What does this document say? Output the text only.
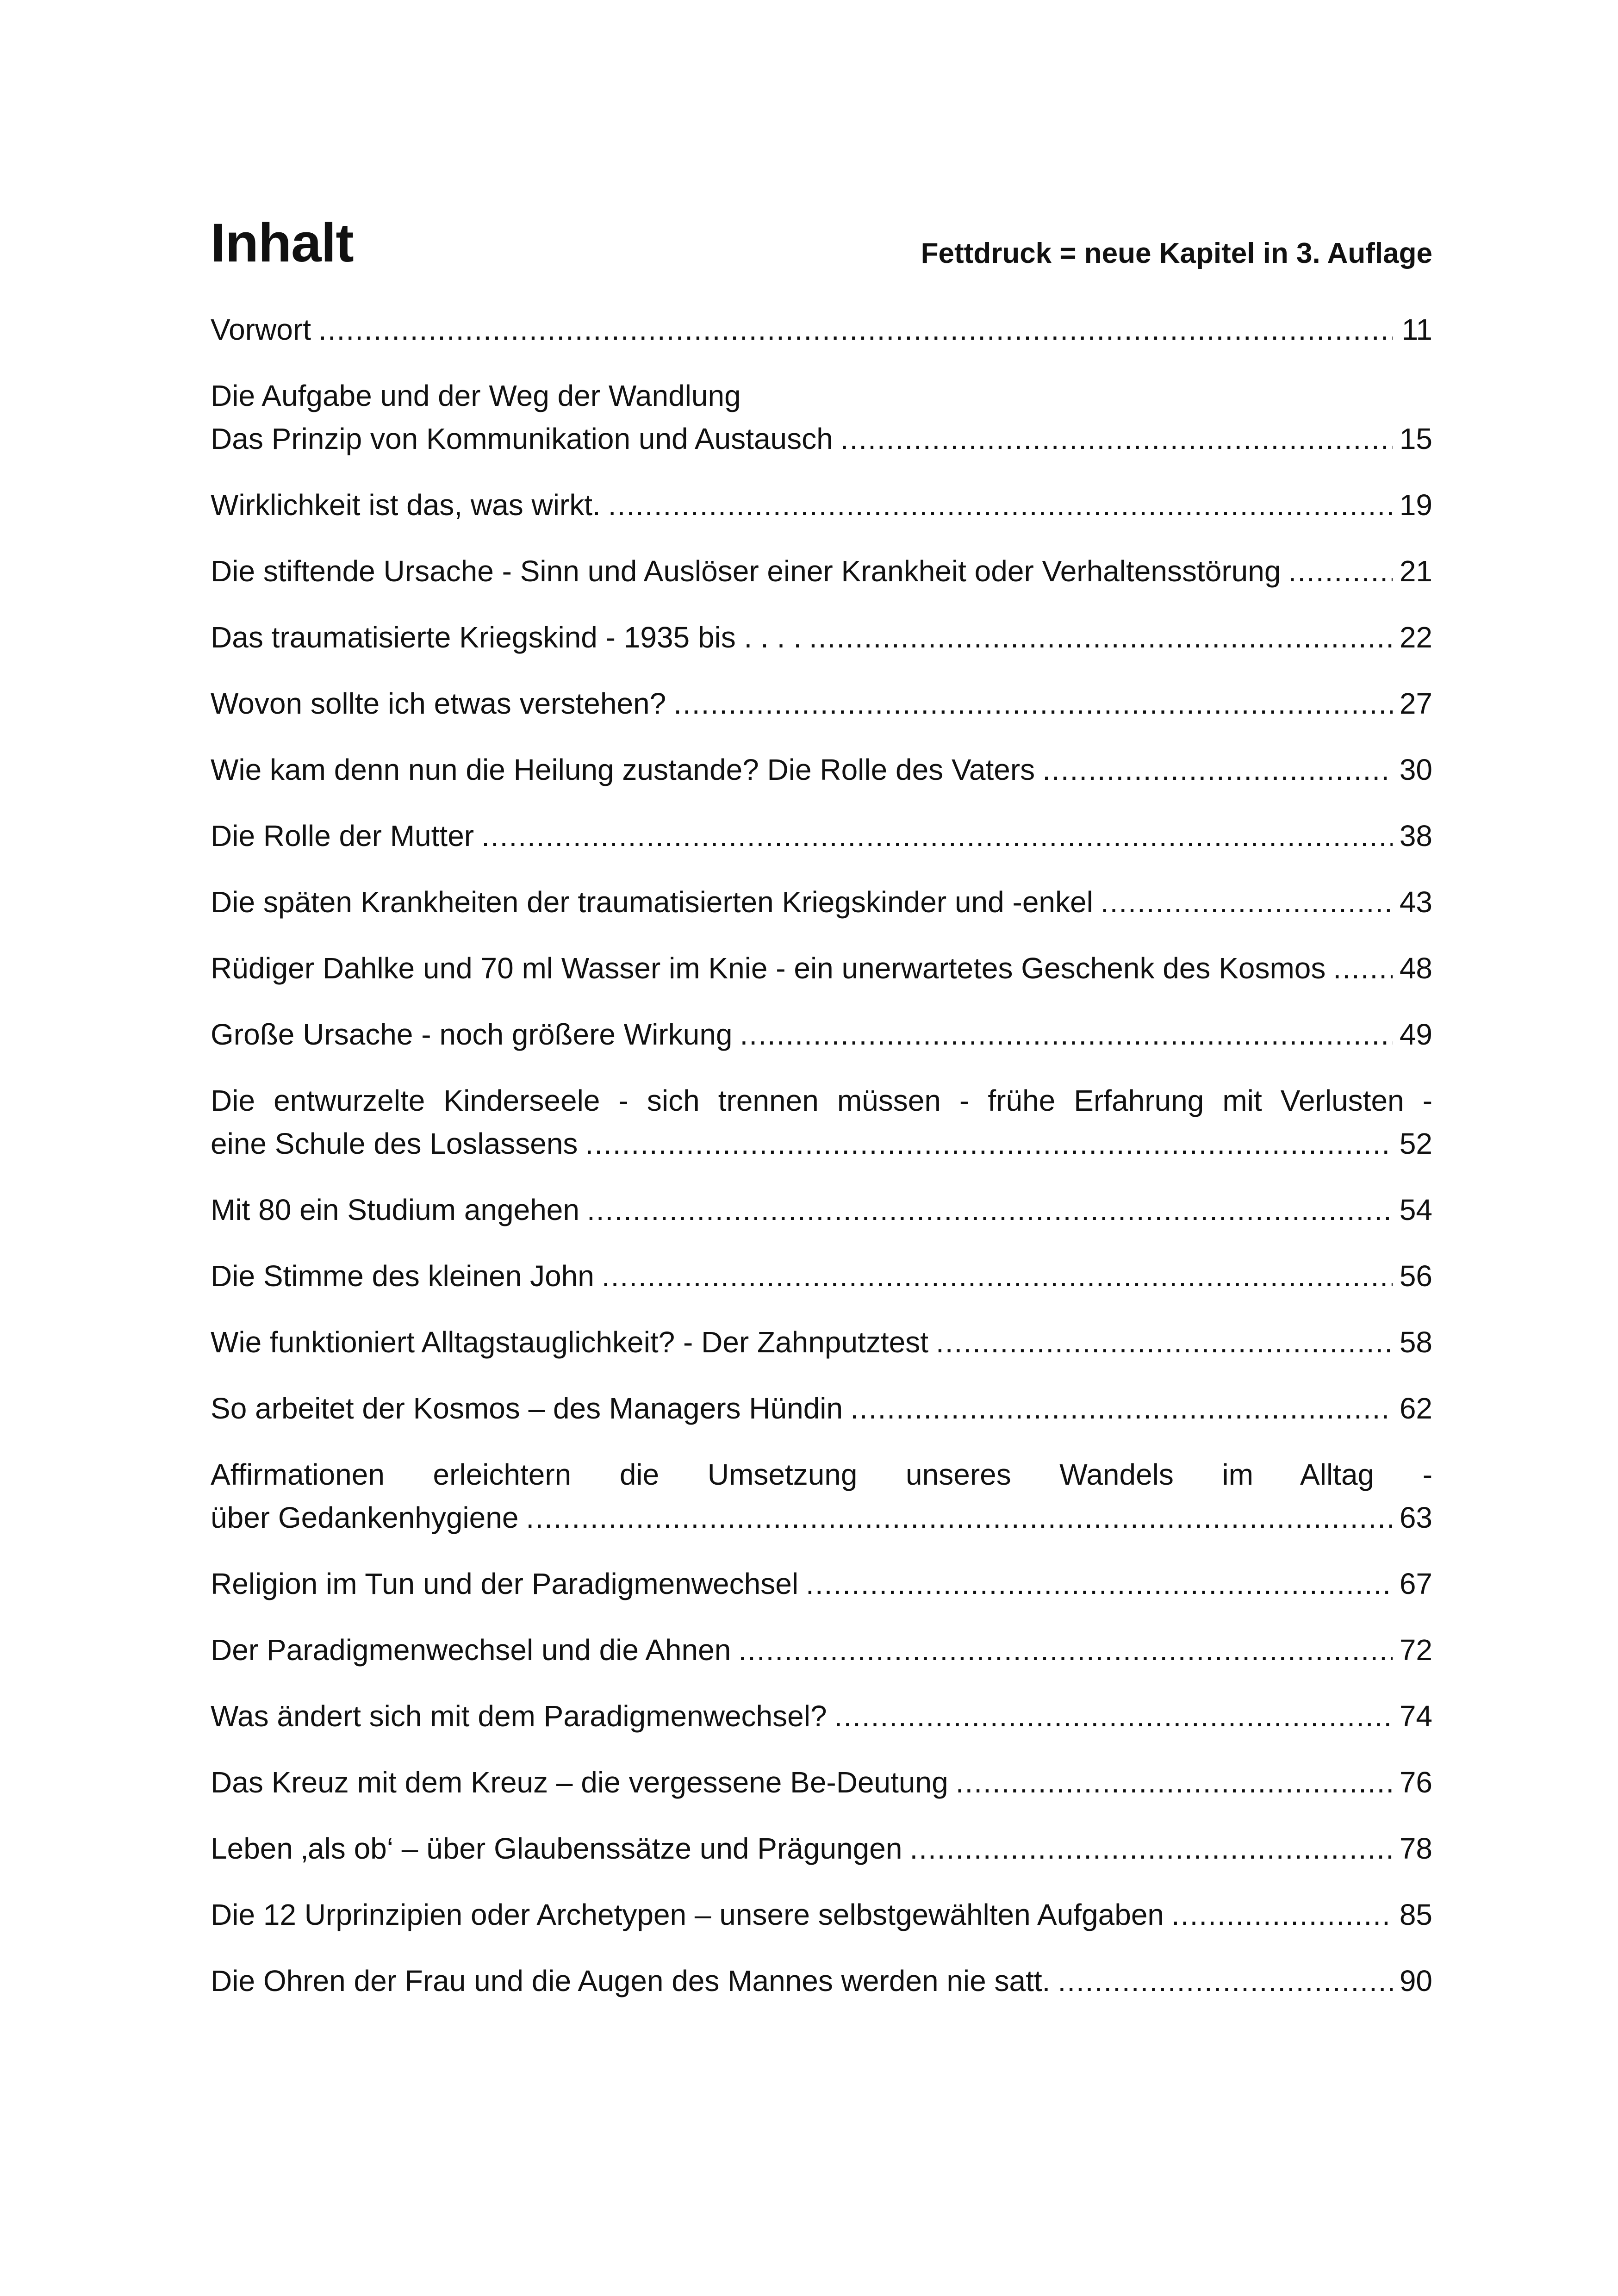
Inhalt	Fettdruck = neue Kapitel in 3. Auflage
Vorwort .....	11
Die Aufgabe und der Weg der Wandlung
Das Prinzip von Kommunikation und Austausch .....	15
Wirklichkeit ist das, was wirkt. .....	19
Die stiftende Ursache - Sinn und Auslöser einer Krankheit oder Verhaltensstörung .....	21
Das traumatisierte Kriegskind - 1935 bis . . . . .....	22
Wovon sollte ich etwas verstehen? .....	27
Wie kam denn nun die Heilung zustande? Die Rolle des Vaters .....	30
Die Rolle der Mutter .....	38
Die späten Krankheiten der traumatisierten Kriegskinder und -enkel .....	43
Rüdiger Dahlke und 70 ml Wasser im Knie - ein unerwartetes Geschenk des Kosmos ..... 48
Große Ursache - noch größere Wirkung .....	49
Die entwurzelte Kinderseele - sich trennen müssen - frühe Erfahrung mit Verlusten -
eine Schule des Loslassens .....	52
Mit 80 ein Studium angehen .....	54
Die Stimme des kleinen John .....	56
Wie funktioniert Alltagstauglichkeit? - Der Zahnputztest .....	58
So arbeitet der Kosmos – des Managers Hündin .....	62
Affirmationen erleichtern die Umsetzung unseres Wandels im Alltag -
über Gedankenhygiene .....	63
Religion im Tun und der Paradigmenwechsel .....	67
Der Paradigmenwechsel und die Ahnen .....	72
Was ändert sich mit dem Paradigmenwechsel? .....	74
Das Kreuz mit dem Kreuz – die vergessene Be-Deutung .....	76
Leben ‚als ob‘ – über Glaubenssätze und Prägungen .....	78
Die 12 Urprinzipien oder Archetypen – unsere selbstgewählten Aufgaben .....	85
Die Ohren der Frau und die Augen des Mannes werden nie satt. .....	90
